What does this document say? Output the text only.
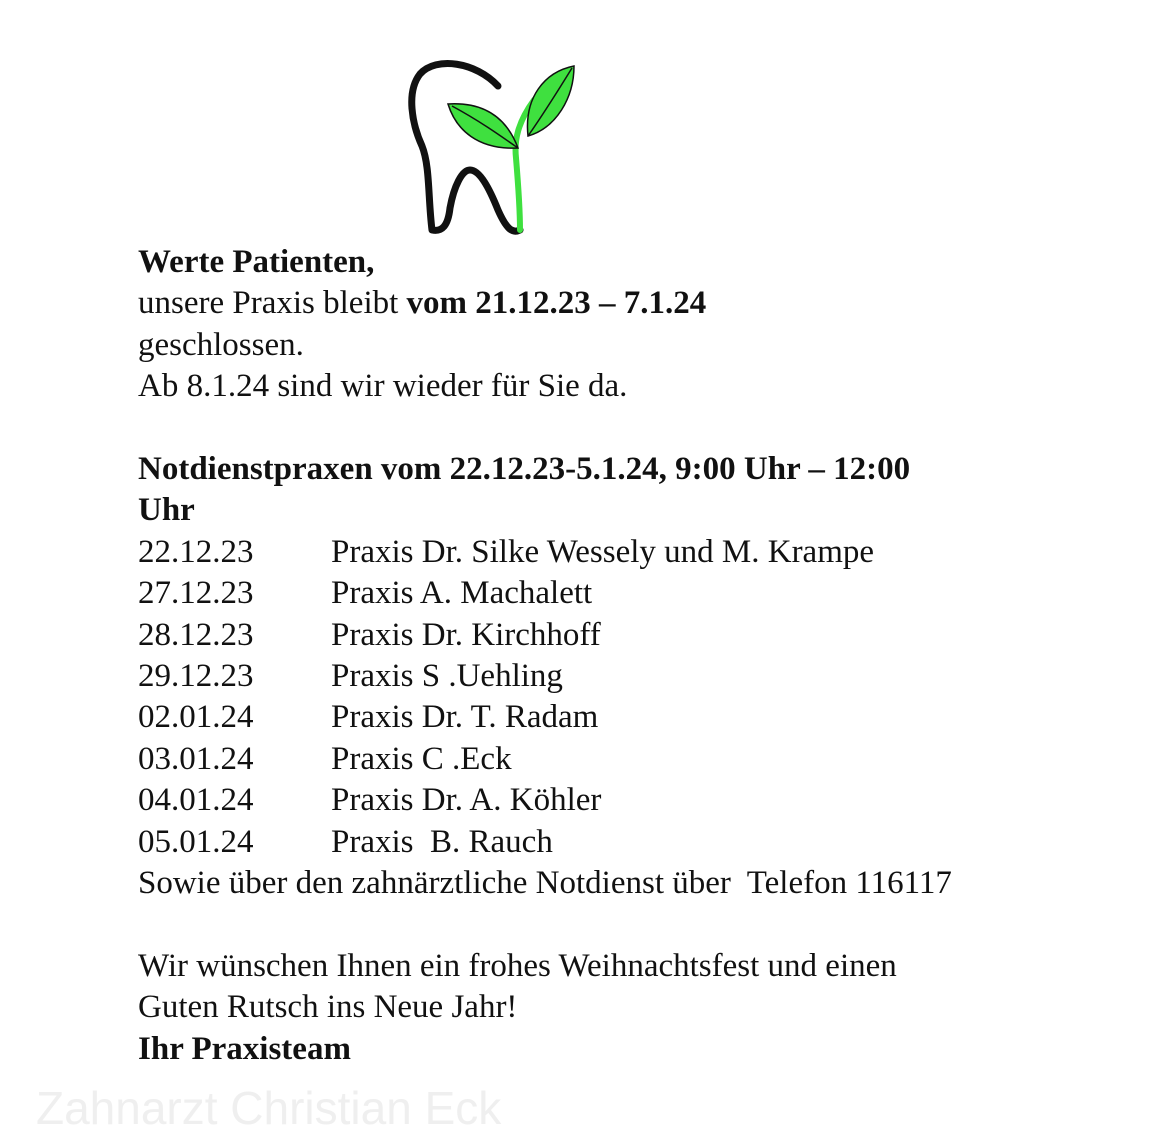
Werte Patienten,
unsere Praxis bleibt vom 21.12.23 – 7.1.24
geschlossen.
Ab 8.1.24 sind wir wieder für Sie da.
Notdienstpraxen vom 22.12.23-5.1.24, 9:00 Uhr – 12:00
Uhr
22.12.23	Praxis Dr. Silke Wessely und M. Krampe
27.12.23	Praxis A. Machalett
28.12.23	Praxis Dr. Kirchhoff
29.12.23	Praxis S .Uehling
02.01.24	Praxis Dr. T. Radam
03.01.24	Praxis C .Eck
04.01.24	Praxis Dr. A. Köhler
05.01.24	Praxis  B. Rauch
Sowie über den zahnärztliche Notdienst über  Telefon 116117
Wir wünschen Ihnen ein frohes Weihnachtsfest und einen
Guten Rutsch ins Neue Jahr!
Ihr Praxisteam
Zahnarzt Christian Eck
